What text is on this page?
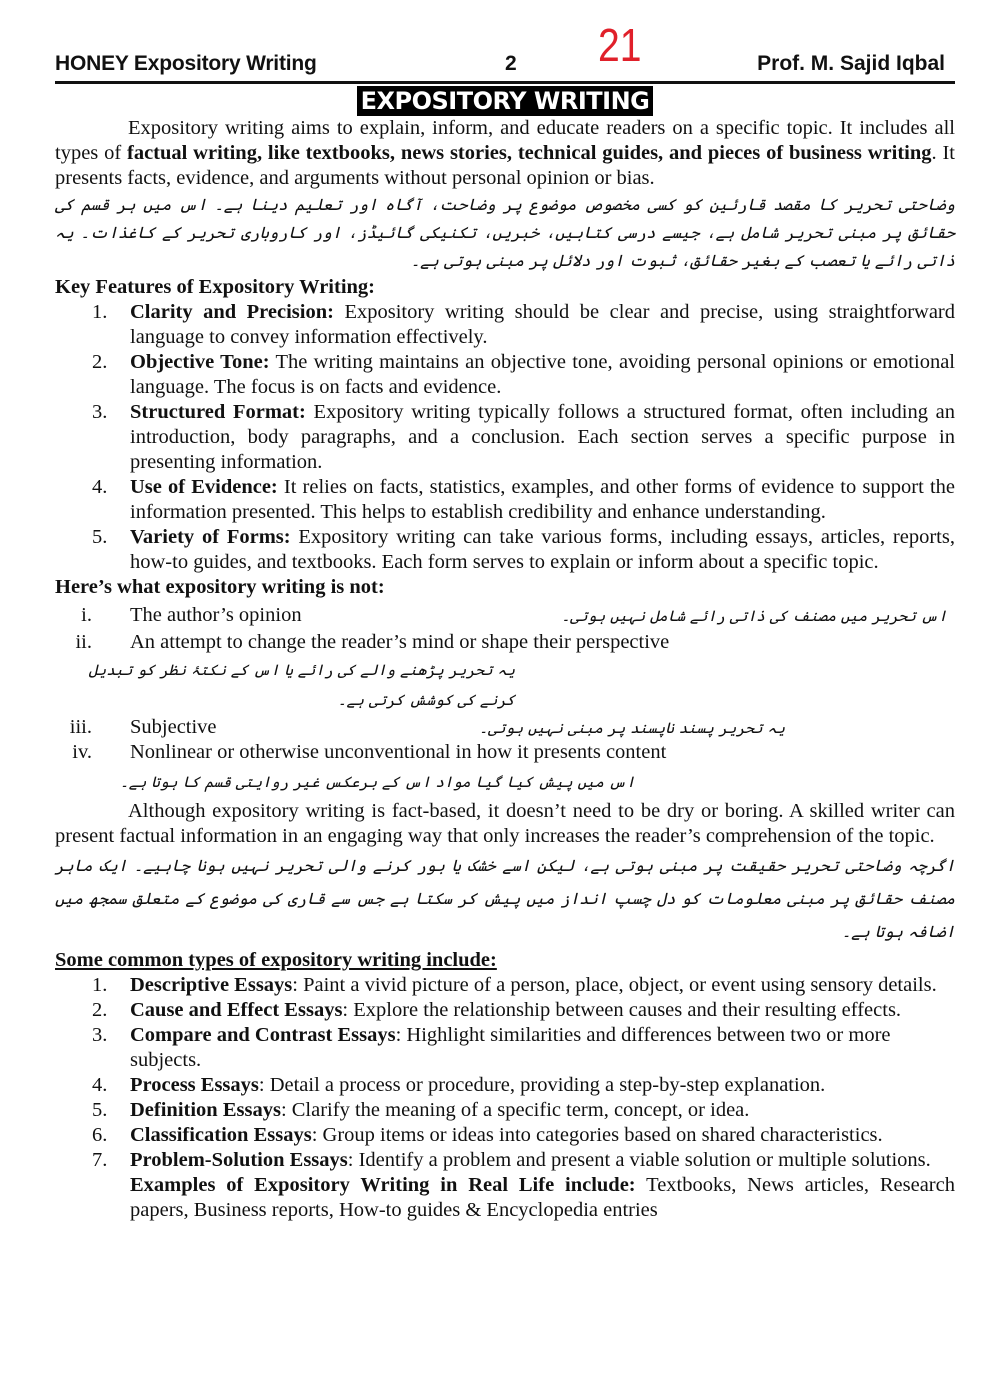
HONEY Expository Writing	2 21	Prof. M. Sajid Iqbal
EXPOSITORY WRITING

Expository writing aims to explain, inform, and educate readers on a specific topic. It includes all types of factual writing, like textbooks, news stories, technical guides, and pieces of business writing. It presents facts, evidence, and arguments without personal opinion or bias.

وضاحتی تحریر کا مقصد قارئین کو کسی مخصوص موضوع پر وضاحت، آگاہ اور تعلیم دینا ہے۔ اس میں ہر قسم کی حقائق پر مبنی تحریر شامل ہے، جیسے درسی کتابیں، خبریں، تکنیکی گائیڈز، اور کاروباری تحریر کے کاغذات۔ یہ ذاتی رائے یا تعصب کے بغیر حقائق، ثبوت اور دلائل پر مبنی ہوتی ہے۔

Key Features of Expository Writing:

1. Clarity and Precision: Expository writing should be clear and precise, using straightforward language to convey information effectively.
2. Objective Tone: The writing maintains an objective tone, avoiding personal opinions or emotional language. The focus is on facts and evidence.
3. Structured Format: Expository writing typically follows a structured format, often including an introduction, body paragraphs, and a conclusion. Each section serves a specific purpose in presenting information.
4. Use of Evidence: It relies on facts, statistics, examples, and other forms of evidence to support the information presented. This helps to establish credibility and enhance understanding.
5. Variety of Forms: Expository writing can take various forms, including essays, articles, reports, how-to guides, and textbooks. Each form serves to explain or inform about a specific topic.

Here’s what expository writing is not:

i. The author’s opinion	اس تحریر میں مصنف کی ذاتی رائے شامل نہیں ہوتی۔
ii. An attempt to change the reader’s mind or shape their perspective
یہ تحریر پڑھنے والے کی رائے یا اس کے نکتۂ نظر کو تبدیل کرنے کی کوشش کرتی ہے۔
iii. Subjective	یہ تحریر پسند ناپسند پر مبنی نہیں ہوتی۔
iv. Nonlinear or otherwise unconventional in how it presents content
اس میں پیش کیا گیا مواد اس کے برعکس غیر روایتی قسم کا ہوتا ہے۔

Although expository writing is fact-based, it doesn’t need to be dry or boring. A skilled writer can present factual information in an engaging way that only increases the reader’s comprehension of the topic.

اگرچہ وضاحتی تحریر حقیقت پر مبنی ہوتی ہے، لیکن اسے خشک یا بور کرنے والی تحریر نہیں ہونا چاہیے۔ ایک ماہر مصنف حقائق پر مبنی معلومات کو دل چسپ انداز میں پیش کر سکتا ہے جس سے قاری کی موضوع کے متعلق سمجھ میں اضافہ ہوتا ہے۔

Some common types of expository writing include:

1. Descriptive Essays: Paint a vivid picture of a person, place, object, or event using sensory details.
2. Cause and Effect Essays: Explore the relationship between causes and their resulting effects.
3. Compare and Contrast Essays: Highlight similarities and differences between two or more subjects.
4. Process Essays: Detail a process or procedure, providing a step-by-step explanation.
5. Definition Essays: Clarify the meaning of a specific term, concept, or idea.
6. Classification Essays: Group items or ideas into categories based on shared characteristics.
7. Problem-Solution Essays: Identify a problem and present a viable solution or multiple solutions.

Examples of Expository Writing in Real Life include: Textbooks, News articles, Research papers, Business reports, How-to guides & Encyclopedia entries
